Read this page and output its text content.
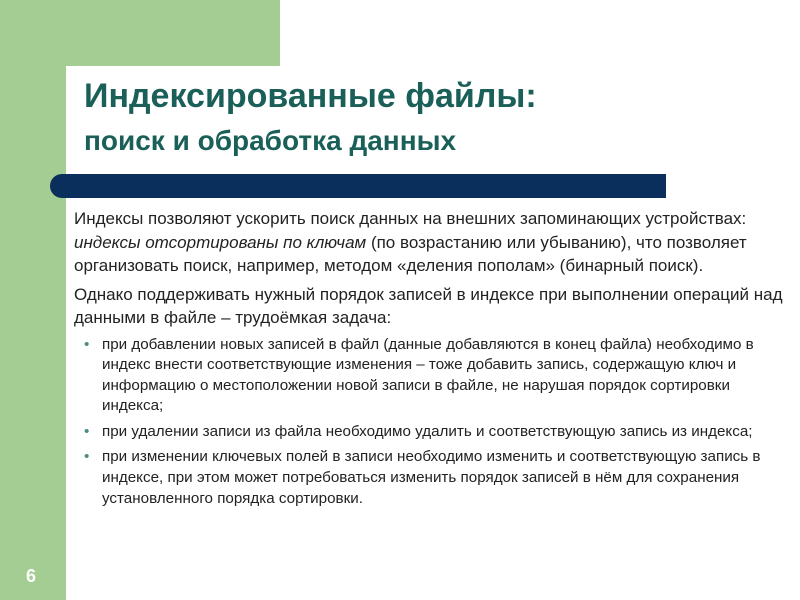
Индексированные файлы:
поиск и обработка данных

Индексы позволяют ускорить поиск данных на внешних запоминающих устройствах: индексы отсортированы по ключам (по возрастанию или убыванию), что позволяет организовать поиск, например, методом «деления пополам» (бинарный поиск).

Однако поддерживать нужный порядок записей в индексе при выполнении операций над данными в файле – трудоёмкая задача:

• при добавлении новых записей в файл (данные добавляются в конец файла) необходимо в индекс внести соответствующие изменения – тоже добавить запись, содержащую ключ и информацию о местоположении новой записи в файле, не нарушая порядок сортировки индекса;
• при удалении записи из файла необходимо удалить и соответствующую запись из индекса;
• при изменении ключевых полей в записи необходимо изменить и соответствующую запись в индексе, при этом может потребоваться изменить порядок записей в нём для сохранения установленного порядка сортировки.
6
